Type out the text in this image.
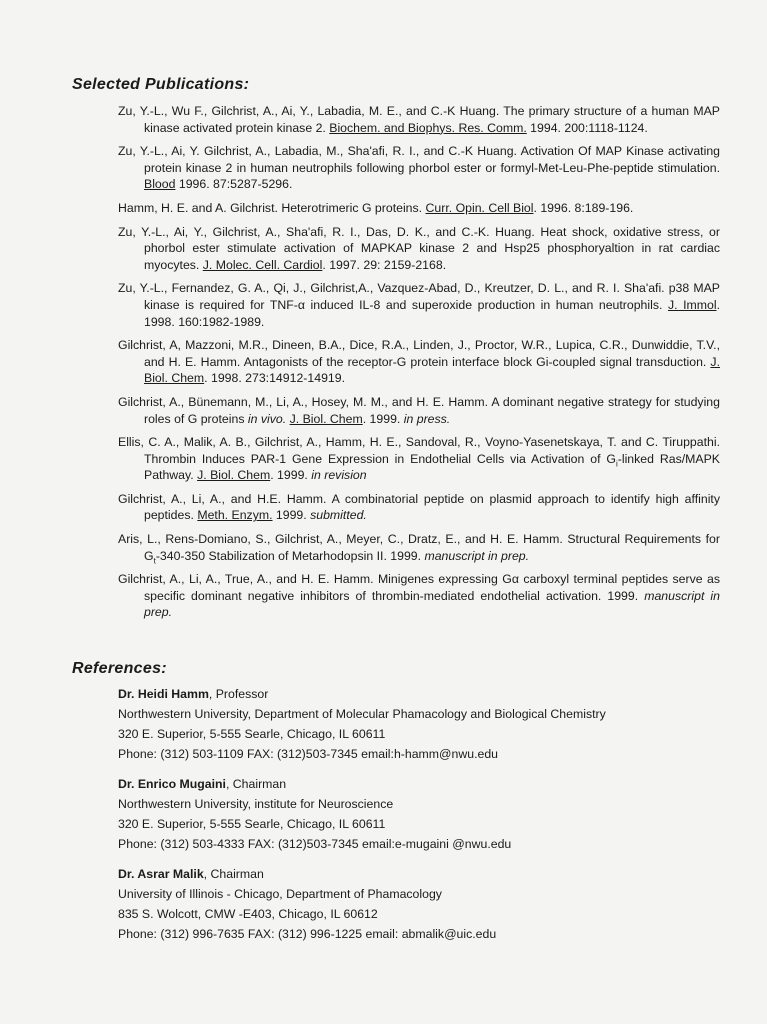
Selected Publications:
Zu, Y.-L., Wu F., Gilchrist, A., Ai, Y., Labadia, M. E., and C.-K Huang. The primary structure of a human MAP kinase activated protein kinase 2. Biochem. and Biophys. Res. Comm. 1994. 200:1118-1124.
Zu, Y.-L., Ai, Y. Gilchrist, A., Labadia, M., Sha'afi, R. I., and C.-K Huang. Activation Of MAP Kinase activating protein kinase 2 in human neutrophils following phorbol ester or formyl-Met-Leu-Phe-peptide stimulation. Blood 1996. 87:5287-5296.
Hamm, H. E. and A. Gilchrist. Heterotrimeric G proteins. Curr. Opin. Cell Biol. 1996. 8:189-196.
Zu, Y.-L., Ai, Y., Gilchrist, A., Sha'afi, R. I., Das, D. K., and C.-K. Huang. Heat shock, oxidative stress, or phorbol ester stimulate activation of MAPKAP kinase 2 and Hsp25 phosphoryaltion in rat cardiac myocytes. J. Molec. Cell. Cardiol. 1997. 29: 2159-2168.
Zu, Y.-L., Fernandez, G. A., Qi, J., Gilchrist,A., Vazquez-Abad, D., Kreutzer, D. L., and R. I. Sha'afi. p38 MAP kinase is required for TNF-α induced IL-8 and superoxide production in human neutrophils. J. Immol. 1998. 160:1982-1989.
Gilchrist, A, Mazzoni, M.R., Dineen, B.A., Dice, R.A., Linden, J., Proctor, W.R., Lupica, C.R., Dunwiddie, T.V., and H. E. Hamm. Antagonists of the receptor-G protein interface block Gi-coupled signal transduction. J. Biol. Chem. 1998. 273:14912-14919.
Gilchrist, A., Bünemann, M., Li, A., Hosey, M. M., and H. E. Hamm. A dominant negative strategy for studying roles of G proteins in vivo. J. Biol. Chem. 1999. in press.
Ellis, C. A., Malik, A. B., Gilchrist, A., Hamm, H. E., Sandoval, R., Voyno-Yasenetskaya, T. and C. Tiruppathi. Thrombin Induces PAR-1 Gene Expression in Endothelial Cells via Activation of $G_i$-linked Ras/MAPK Pathway. J. Biol. Chem. 1999. in revision
Gilchrist, A., Li, A., and H.E. Hamm. A combinatorial peptide on plasmid approach to identify high affinity peptides. Meth. Enzym. 1999. submitted.
Aris, L., Rens-Domiano, S., Gilchrist, A., Meyer, C., Dratz, E., and H. E. Hamm. Structural Requirements for $G_t-340-350$ Stabilization of Metarhodopsin II. 1999. manuscript in prep.
Gilchrist, A., Li, A., True, A., and H. E. Hamm. Minigenes expressing Gα carboxyl terminal peptides serve as specific dominant negative inhibitors of thrombin-mediated endothelial activation. 1999. manuscript in prep.
References:
Dr. Heidi Hamm, Professor
Northwestern University, Department of Molecular Phamacology and Biological Chemistry
320 E. Superior, 5-555 Searle, Chicago, IL 60611
Phone: (312) 503-1109 FAX: (312)503-7345 email:h-hamm@nwu.edu
Dr. Enrico Mugaini, Chairman
Northwestern University, institute for Neuroscience
320 E. Superior, 5-555 Searle, Chicago, IL 60611
Phone: (312) 503-4333 FAX: (312)503-7345 email:e-mugaini @nwu.edu
Dr. Asrar Malik, Chairman
University of Illinois - Chicago, Department of Phamacology
835 S. Wolcott, CMW -E403, Chicago, IL 60612
Phone: (312) 996-7635 FAX: (312) 996-1225 email: abmalik@uic.edu
